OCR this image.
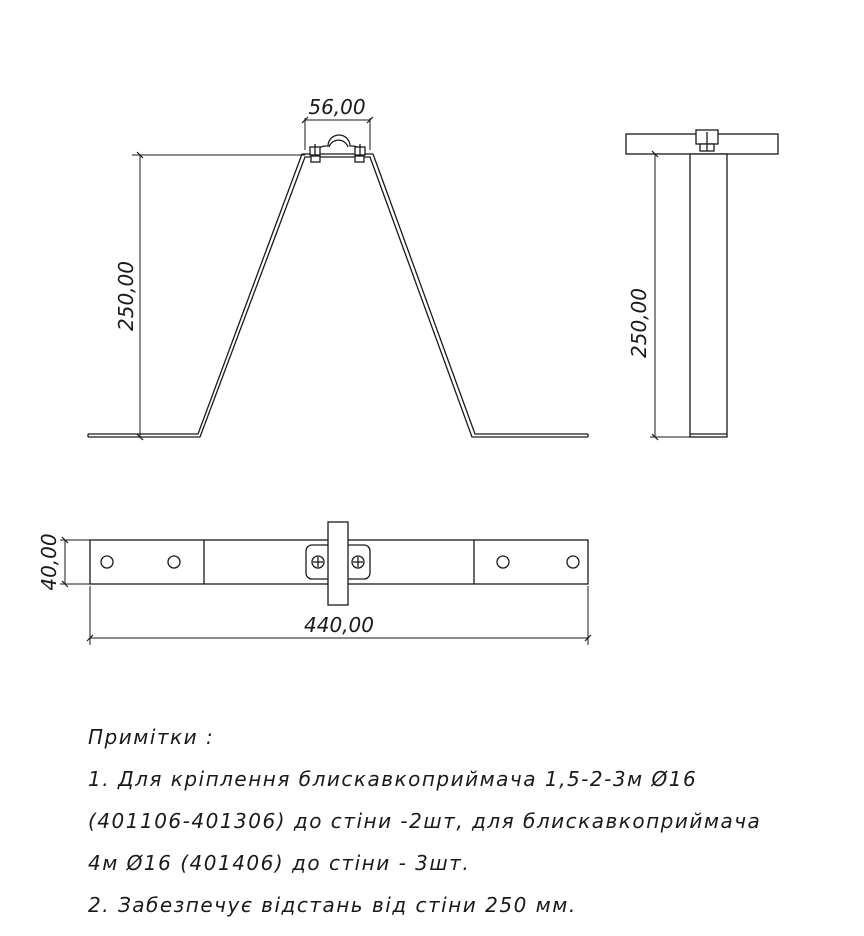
56,00
250,00	250,00
40,00
440,00
Примітки :
1. Для кріплення блискавкоприймача 1,5-2-3м Ø16
(401106-401306) до стіни -2шт, для блискавкоприймача
4м Ø16 (401406) до стіни - 3шт.
2. Забезпечує відстань від стіни 250 мм.
